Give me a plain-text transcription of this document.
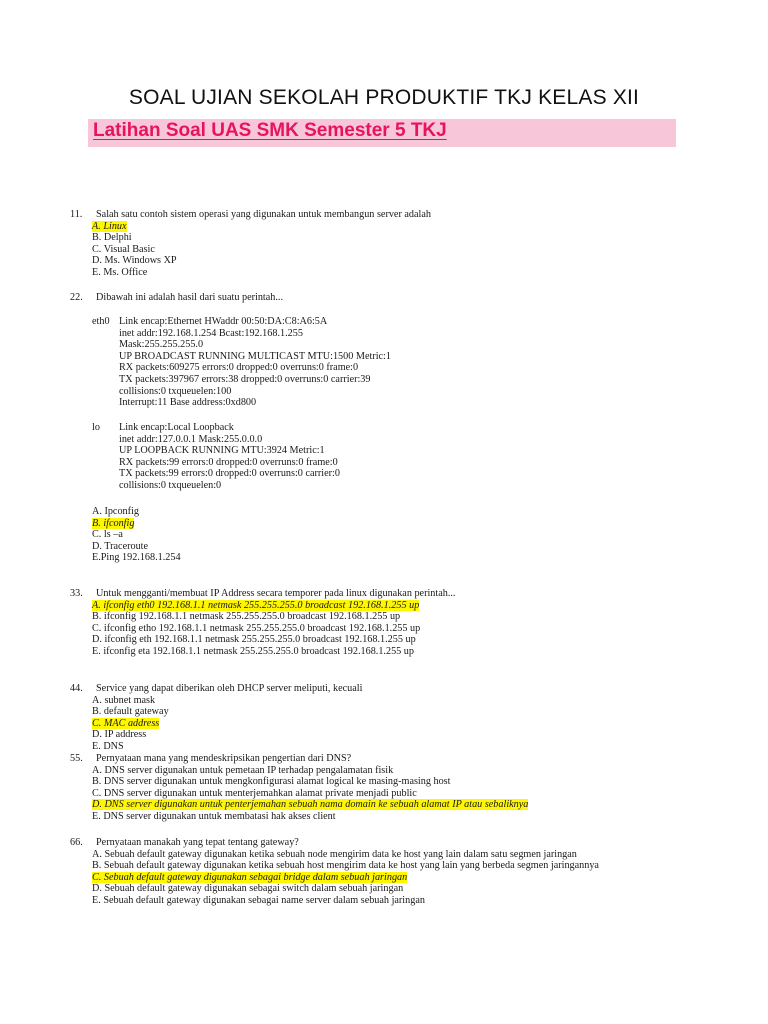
SOAL UJIAN SEKOLAH PRODUKTIF TKJ KELAS XII
Latihan Soal UAS SMK Semester 5 TKJ
11.	Salah satu contoh sistem operasi yang digunakan untuk membangun server adalah
A. Linux
B. Delphi
C. Visual Basic
D. Ms. Windows XP
E. Ms. Office
22.	Dibawah ini adalah hasil dari suatu perintah...
eth0 Link encap:Ethernet HWaddr 00:50:DA:C8:A6:5A
inet addr:192.168.1.254 Bcast:192.168.1.255
Mask:255.255.255.0
UP BROADCAST RUNNING MULTICAST MTU:1500 Metric:1
RX packets:609275 errors:0 dropped:0 overruns:0 frame:0
TX packets:397967 errors:38 dropped:0 overruns:0 carrier:39
collisions:0 txqueuelen:100
Interrupt:11 Base address:0xd800
lo Link encap:Local Loopback
inet addr:127.0.0.1 Mask:255.0.0.0
UP LOOPBACK RUNNING MTU:3924 Metric:1
RX packets:99 errors:0 dropped:0 overruns:0 frame:0
TX packets:99 errors:0 dropped:0 overruns:0 carrier:0
collisions:0 txqueuelen:0
A. Ipconfig
B. ifconfig
C. ls –a
D. Traceroute
E.Ping 192.168.1.254
33.	Untuk mengganti/membuat IP Address secara temporer pada linux digunakan perintah...
A. ifconfig eth0 192.168.1.1 netmask 255.255.255.0 broadcast 192.168.1.255 up
B. ifconfig 192.168.1.1 netmask 255.255.255.0 broadcast 192.168.1.255 up
C. ifconfig etho 192.168.1.1 netmask 255.255.255.0 broadcast 192.168.1.255 up
D. ifconfig eth 192.168.1.1 netmask 255.255.255.0 broadcast 192.168.1.255 up
E. ifconfig eta 192.168.1.1 netmask 255.255.255.0 broadcast 192.168.1.255 up
44.	Service yang dapat diberikan oleh DHCP server meliputi, kecuali
A. subnet mask
B. default gateway
C. MAC address
D. IP address
E. DNS
55.	Pernyataan mana yang mendeskripsikan pengertian dari DNS?
A. DNS server digunakan untuk pemetaan IP terhadap pengalamatan fisik
B. DNS server digunakan untuk mengkonfigurasi alamat logical ke masing-masing host
C. DNS server digunakan untuk menterjemahkan alamat private menjadi public
D. DNS server digunakan untuk penterjemahan sebuah nama domain ke sebuah alamat IP atau sebaliknya
E. DNS server digunakan untuk membatasi hak akses client
66.	Pernyataan manakah yang tepat tentang gateway?
A. Sebuah default gateway digunakan ketika sebuah node mengirim data ke host yang lain dalam satu segmen jaringan
B. Sebuah default gateway digunakan ketika sebuah host mengirim data ke host yang lain yang berbeda segmen jaringannya
C. Sebuah default gateway digunakan sebagai bridge dalam sebuah jaringan
D. Sebuah default gateway digunakan sebagai switch dalam sebuah jaringan
E. Sebuah default gateway digunakan sebagai name server dalam sebuah jaringan
